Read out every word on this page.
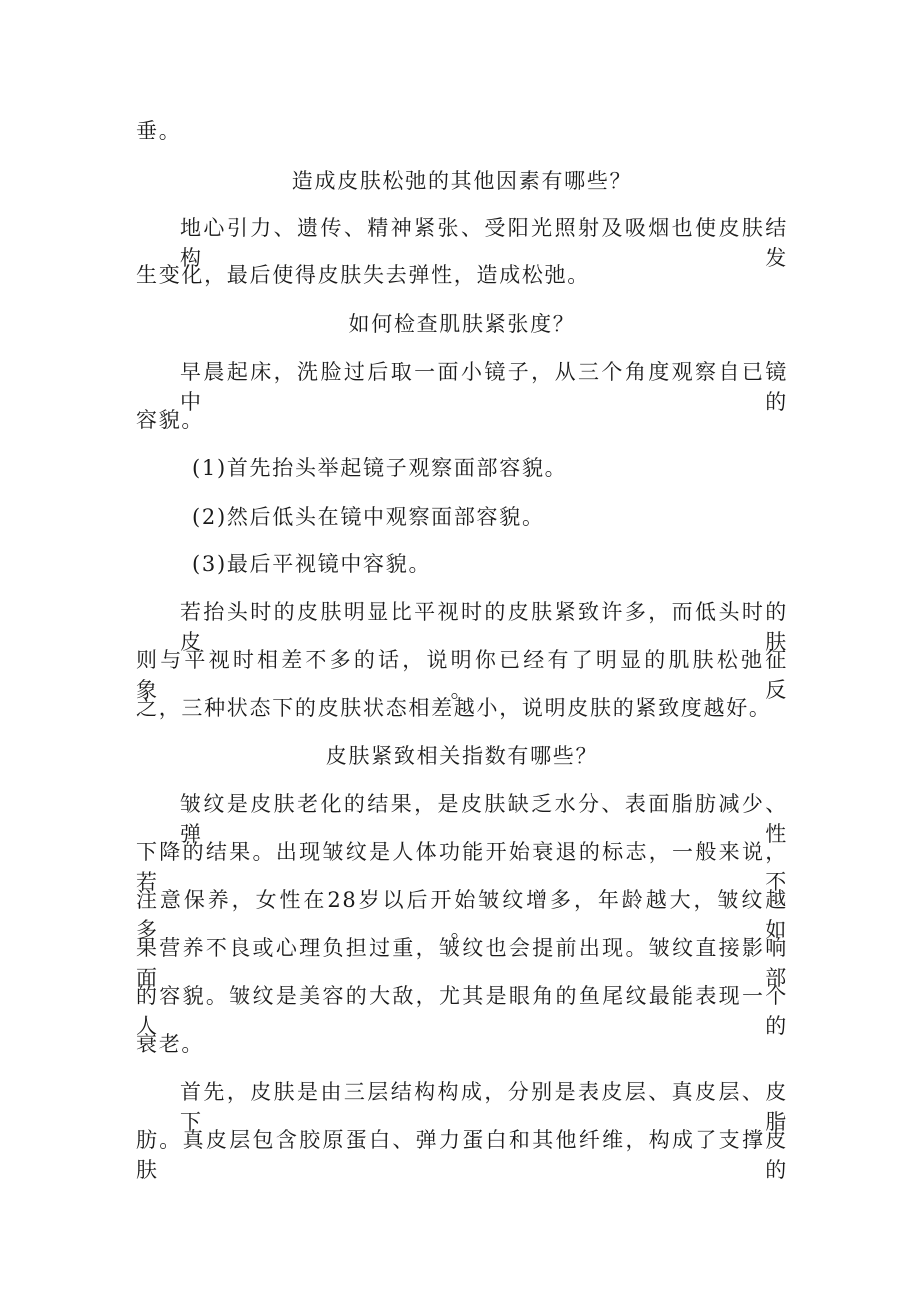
垂。
造成皮肤松弛的其他因素有哪些？
地心引力、遗传、精神紧张、受阳光照射及吸烟也使皮肤结构发
生变化，最后使得皮肤失去弹性，造成松弛。
如何检查肌肤紧张度？
早晨起床，洗脸过后取一面小镜子，从三个角度观察自已镜中的
容貌。
(1)首先抬头举起镜子观察面部容貌。
(2)然后低头在镜中观察面部容貌。
(3)最后平视镜中容貌。
若抬头时的皮肤明显比平视时的皮肤紧致许多，而低头时的皮肤
则与平视时相差不多的话，说明你已经有了明显的肌肤松弛征象。反
之，三种状态下的皮肤状态相差越小，说明皮肤的紧致度越好。
皮肤紧致相关指数有哪些？
皱纹是皮肤老化的结果，是皮肤缺乏水分、表面脂肪减少、弹性
下降的结果。出现皱纹是人体功能开始衰退的标志，一般来说，若不
注意保养，女性在28岁以后开始皱纹增多，年龄越大，皱纹越多。如
果营养不良或心理负担过重，皱纹也会提前出现。皱纹直接影响面部
的容貌。皱纹是美容的大敌，尤其是眼角的鱼尾纹最能表现一个人的
衰老。
首先，皮肤是由三层结构构成，分别是表皮层、真皮层、皮下脂
肪。真皮层包含胶原蛋白、弹力蛋白和其他纤维，构成了支撑皮肤的
